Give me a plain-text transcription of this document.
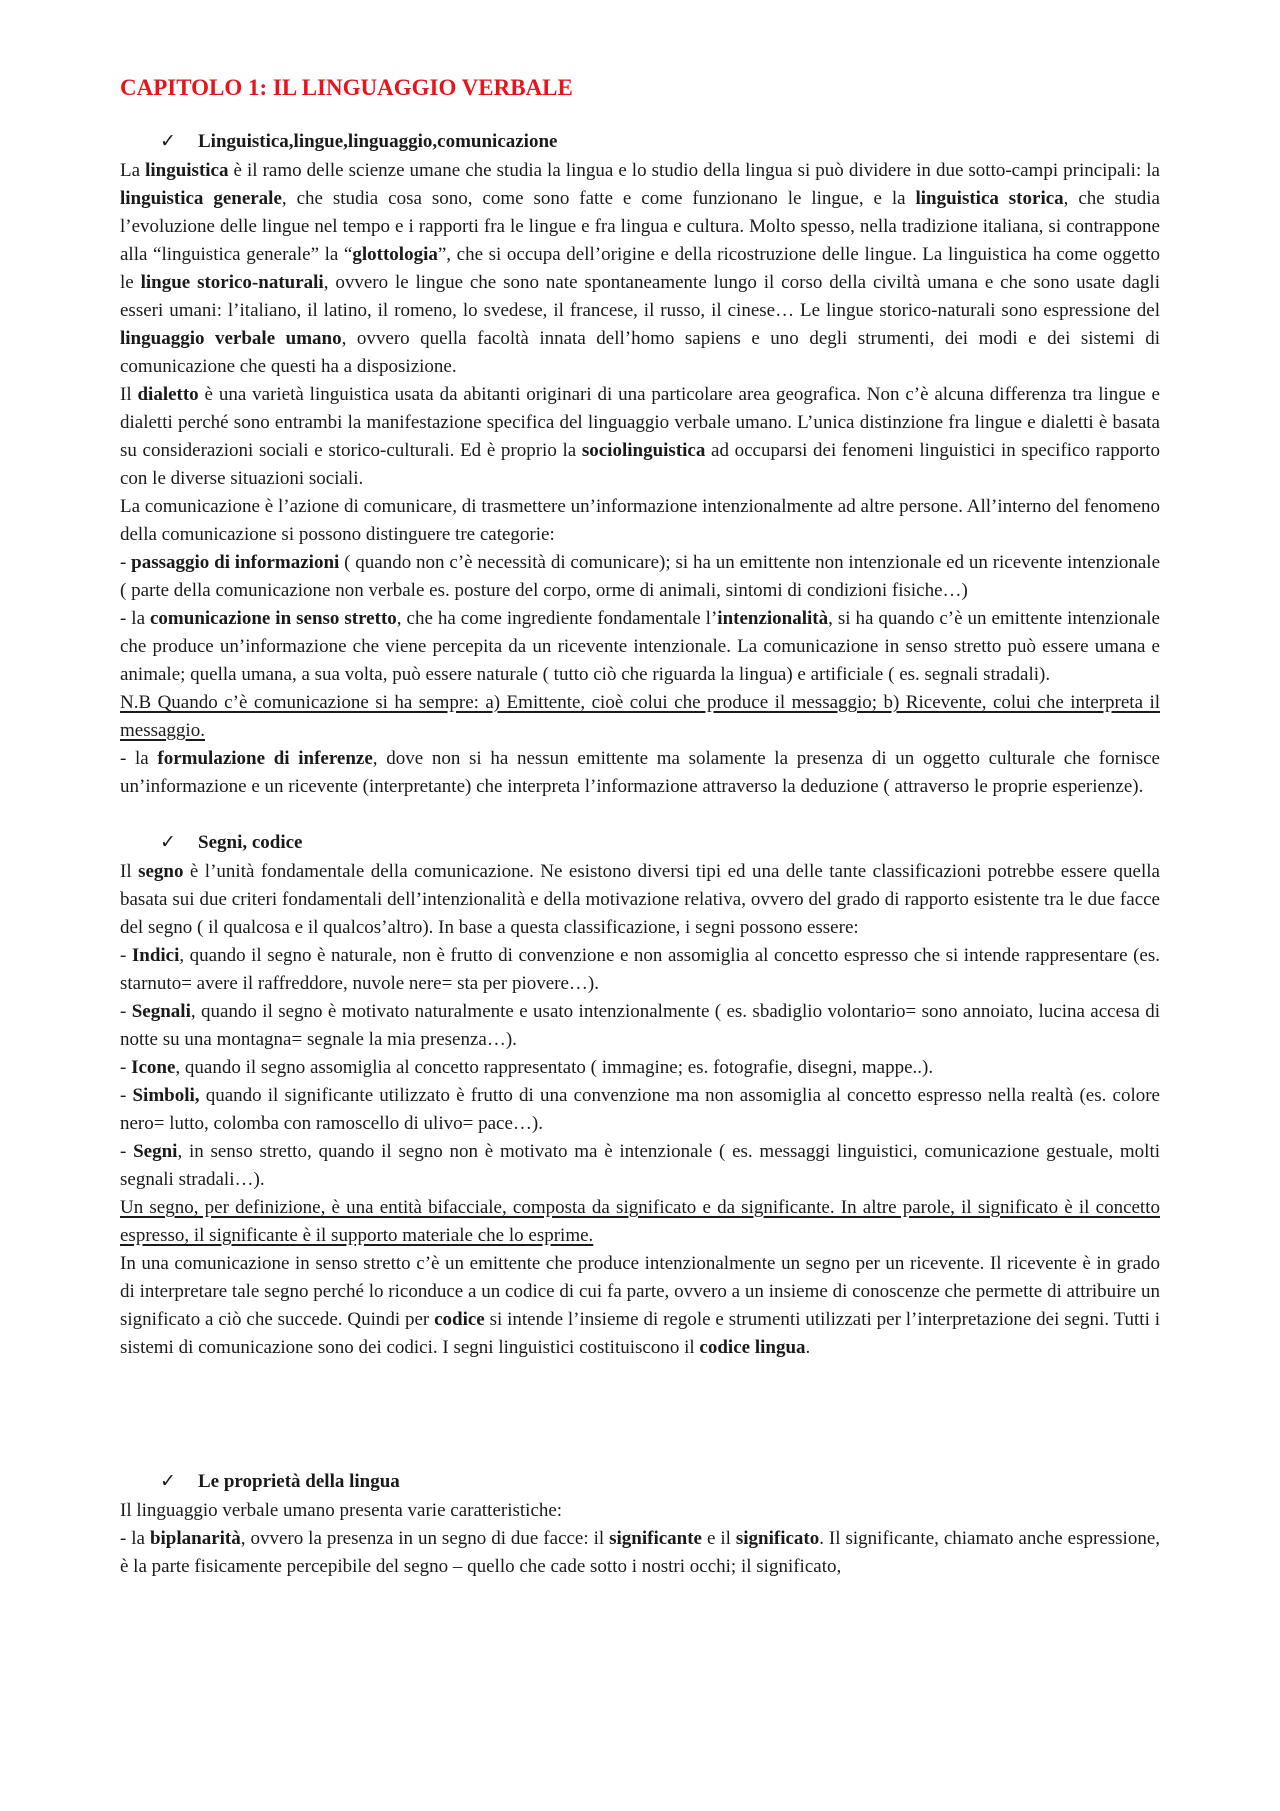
CAPITOLO 1: IL LINGUAGGIO VERBALE
✓ Linguistica,lingue,linguaggio,comunicazione

La linguistica è il ramo delle scienze umane che studia la lingua e lo studio della lingua si può dividere in due sotto-campi principali: la linguistica generale, che studia cosa sono, come sono fatte e come funzionano le lingue, e la linguistica storica, che studia l’evoluzione delle lingue nel tempo e i rapporti fra le lingue e fra lingua e cultura. Molto spesso, nella tradizione italiana, si contrappone alla “linguistica generale” la “glottologia”, che si occupa dell’origine e della ricostruzione delle lingue. La linguistica ha come oggetto le lingue storico-naturali, ovvero le lingue che sono nate spontaneamente lungo il corso della civiltà umana e che sono usate dagli esseri umani: l’italiano, il latino, il romeno, lo svedese, il francese, il russo, il cinese… Le lingue storico-naturali sono espressione del linguaggio verbale umano, ovvero quella facoltà innata dell’homo sapiens e uno degli strumenti, dei modi e dei sistemi di comunicazione che questi ha a disposizione.

Il dialetto è una varietà linguistica usata da abitanti originari di una particolare area geografica. Non c’è alcuna differenza tra lingue e dialetti perché sono entrambi la manifestazione specifica del linguaggio verbale umano. L’unica distinzione fra lingue e dialetti è basata su considerazioni sociali e storico-culturali. Ed è proprio la sociolinguistica ad occuparsi dei fenomeni linguistici in specifico rapporto con le diverse situazioni sociali.

La comunicazione è l’azione di comunicare, di trasmettere un’informazione intenzionalmente ad altre persone. All’interno del fenomeno della comunicazione si possono distinguere tre categorie:

- passaggio di informazioni ( quando non c’è necessità di comunicare); si ha un emittente non intenzionale ed un ricevente intenzionale ( parte della comunicazione non verbale es. posture del corpo, orme di animali, sintomi di condizioni fisiche…)

- la comunicazione in senso stretto, che ha come ingrediente fondamentale l’intenzionalità, si ha quando c’è un emittente intenzionale che produce un’informazione che viene percepita da un ricevente intenzionale. La comunicazione in senso stretto può essere umana e animale; quella umana, a sua volta, può essere naturale ( tutto ciò che riguarda la lingua) e artificiale ( es. segnali stradali).

N.B Quando c’è comunicazione si ha sempre: a) Emittente, cioè colui che produce il messaggio; b) Ricevente, colui che interpreta il messaggio.

- la formulazione di inferenze, dove non si ha nessun emittente ma solamente la presenza di un oggetto culturale che fornisce un’informazione e un ricevente (interpretante) che interpreta l’informazione attraverso la deduzione ( attraverso le proprie esperienze).

✓ Segni, codice

Il segno è l’unità fondamentale della comunicazione. Ne esistono diversi tipi ed una delle tante classificazioni potrebbe essere quella basata sui due criteri fondamentali dell’intenzionalità e della motivazione relativa, ovvero del grado di rapporto esistente tra le due facce del segno ( il qualcosa e il qualcos’altro). In base a questa classificazione, i segni possono essere:

- Indici, quando il segno è naturale, non è frutto di convenzione e non assomiglia al concetto espresso che si intende rappresentare (es. starnuto= avere il raffreddore, nuvole nere= sta per piovere…).

- Segnali, quando il segno è motivato naturalmente e usato intenzionalmente ( es. sbadiglio volontario= sono annoiato, lucina accesa di notte su una montagna= segnale la mia presenza…).

- Icone, quando il segno assomiglia al concetto rappresentato ( immagine; es. fotografie, disegni, mappe..).

- Simboli, quando il significante utilizzato è frutto di una convenzione ma non assomiglia al concetto espresso nella realtà (es. colore nero= lutto, colomba con ramoscello di ulivo= pace…).

- Segni, in senso stretto, quando il segno non è motivato ma è intenzionale ( es. messaggi linguistici, comunicazione gestuale, molti segnali stradali…).

Un segno, per definizione, è una entità bifacciale, composta da significato e da significante. In altre parole, il significato è il concetto espresso, il significante è il supporto materiale che lo esprime.

In una comunicazione in senso stretto c’è un emittente che produce intenzionalmente un segno per un ricevente. Il ricevente è in grado di interpretare tale segno perché lo riconduce a un codice di cui fa parte, ovvero a un insieme di conoscenze che permette di attribuire un significato a ciò che succede. Quindi per codice si intende l’insieme di regole e strumenti utilizzati per l’interpretazione dei segni. Tutti i sistemi di comunicazione sono dei codici. I segni linguistici costituiscono il codice lingua.

✓ Le proprietà della lingua

Il linguaggio verbale umano presenta varie caratteristiche:

- la biplanarità, ovvero la presenza in un segno di due facce: il significante e il significato. Il significante, chiamato anche espressione, è la parte fisicamente percepibile del segno – quello che cade sotto i nostri occhi; il significato,
